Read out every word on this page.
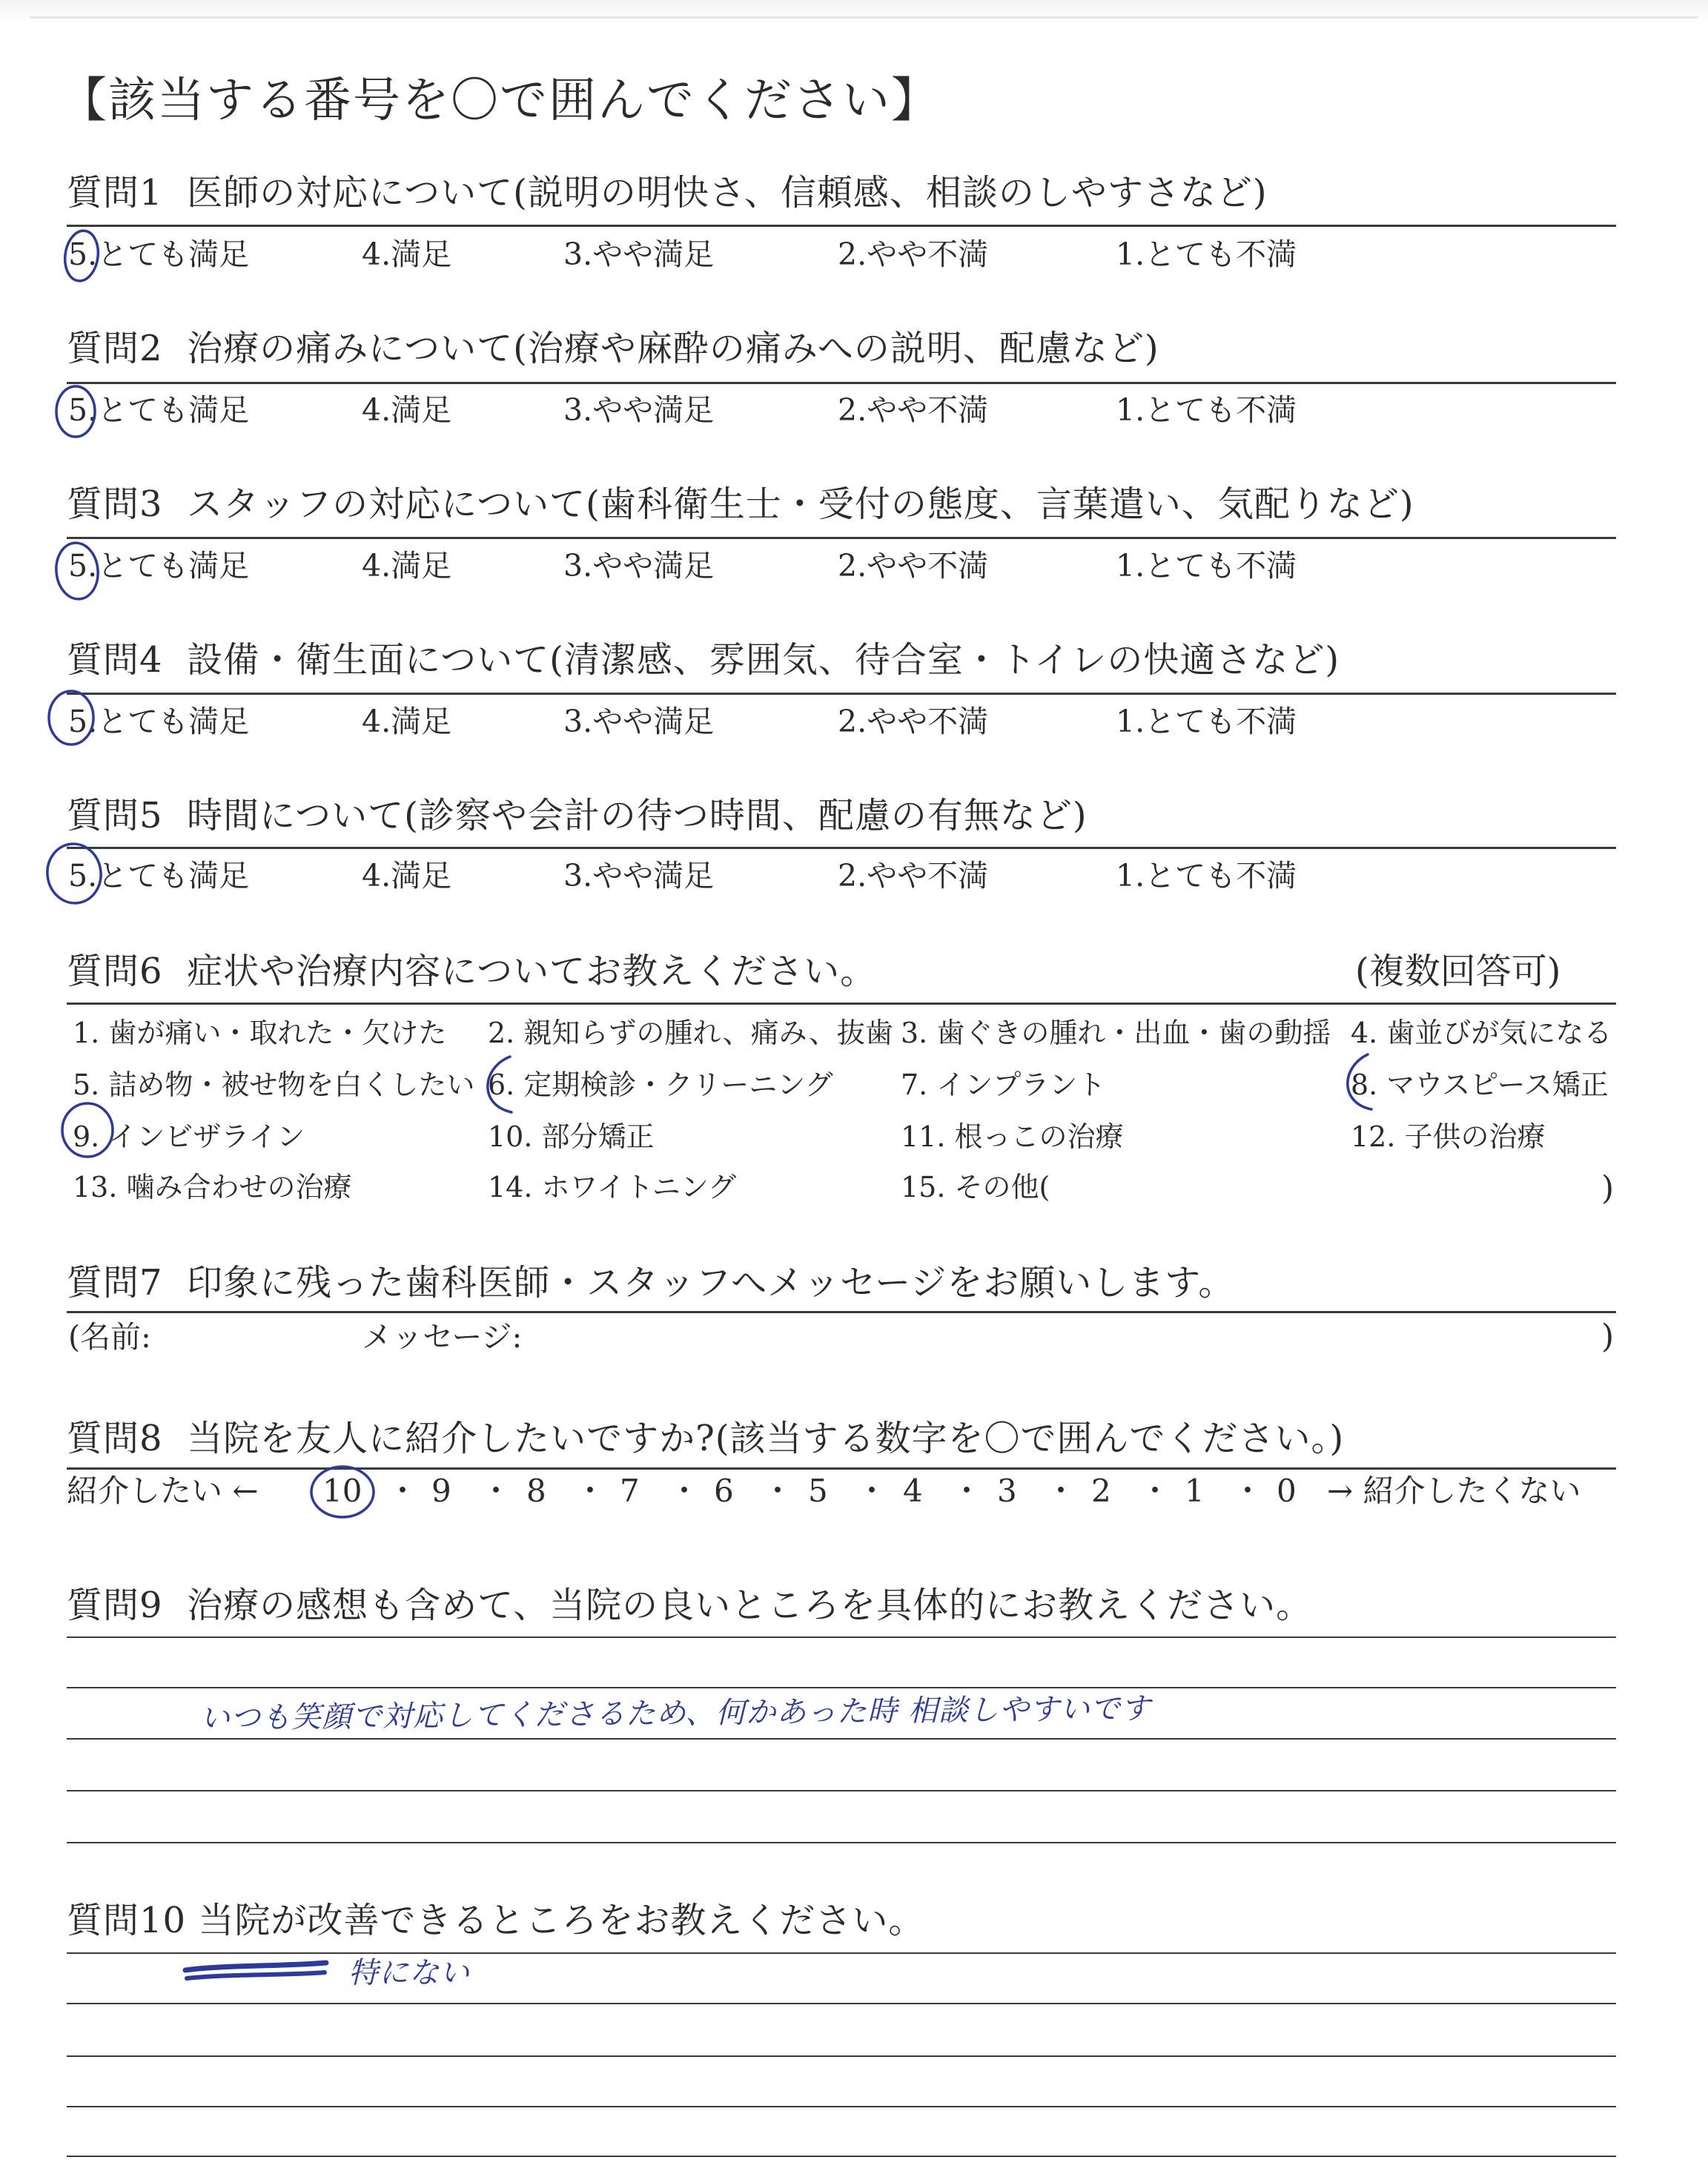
【該当する番号を〇で囲んでください】
質問1 医師の対応について(説明の明快さ、信頼感、相談のしやすさなど)
5.とても満足	4.満足	3.やや満足	2.やや不満	1.とても不満
質問2 治療の痛みについて(治療や麻酔の痛みへの説明、配慮など)
5.とても満足	4.満足	3.やや満足	2.やや不満	1.とても不満
質問3 スタッフの対応について(歯科衛生士・受付の態度、言葉遣い、気配りなど)
5.とても満足	4.満足	3.やや満足	2.やや不満	1.とても不満
質問4 設備・衛生面について(清潔感、雰囲気、待合室・トイレの快適さなど)
5.とても満足	4.満足	3.やや満足	2.やや不満	1.とても不満
質問5 時間について(診察や会計の待つ時間、配慮の有無など)
5.とても満足	4.満足	3.やや満足	2.やや不満	1.とても不満
質問6 症状や治療内容についてお教えください。	(複数回答可)
1. 歯が痛い・取れた・欠けた 2. 親知らずの腫れ、痛み、抜歯 3. 歯ぐきの腫れ・出血・歯の動揺 4. 歯並びが気になる
5. 詰め物・被せ物を白くしたい 6. 定期検診・クリーニング 7. インプラント	8. マウスピース矯正
9. インビザライン	10. 部分矯正	11. 根っこの治療	12. 子供の治療
13. 噛み合わせの治療	14. ホワイトニング	15. その他(	)
質問7 印象に残った歯科医師・スタッフへメッセージをお願いします。
(名前:	メッセージ:	)
質問8 当院を友人に紹介したいですか?(該当する数字を〇で囲んでください。)
紹介したい ← 10 ・ 9 ・ 8 ・ 7 ・ 6 ・ 5 ・ 4 ・ 3 ・ 2 ・ 1 ・ 0 → 紹介したくない
質問9 治療の感想も含めて、当院の良いところを具体的にお教えください。
いつも笑顔で対応してくださるため、何かあった時 相談しやすいです
質問10 当院が改善できるところをお教えください。
特にない
